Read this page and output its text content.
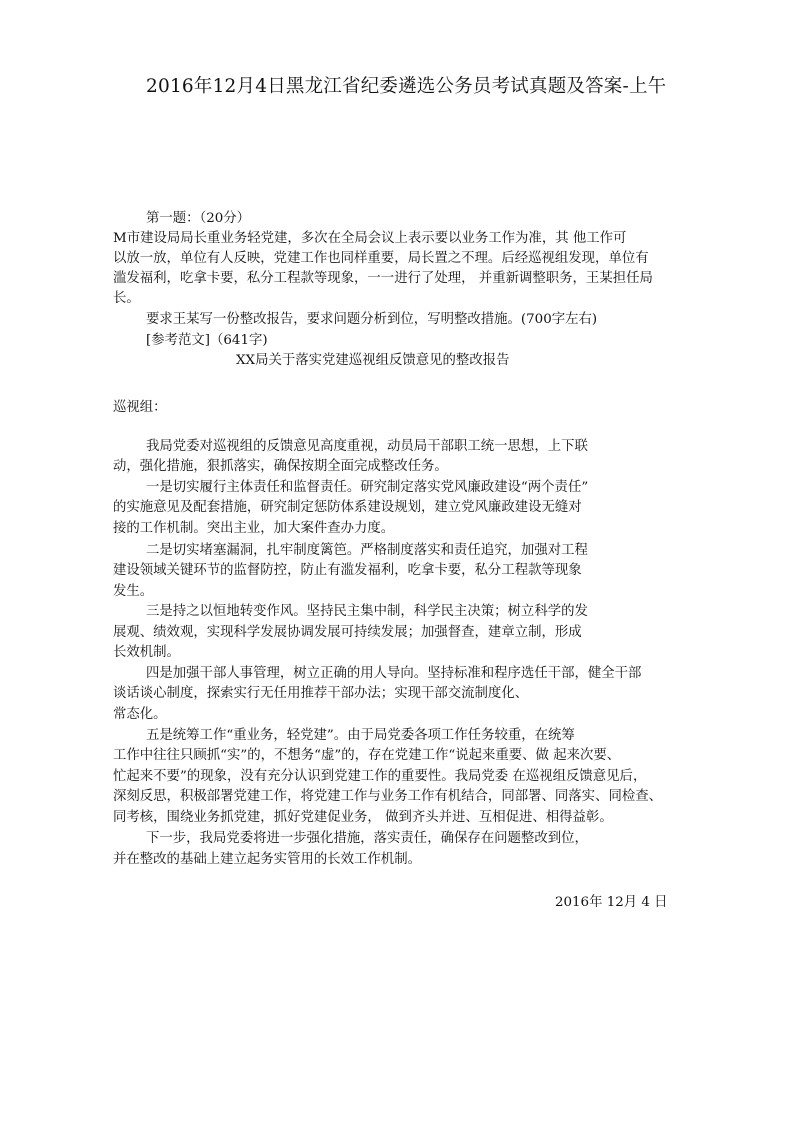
2016年12月4日黑龙江省纪委遴选公务员考试真题及答案-上午
第一题：（20分）
M市建设局局长重业务轻党建，多次在全局会议上表示要以业务工作为准，其 他工作可
以放一放，单位有人反映，党建工作也同样重要，局长置之不理。后经巡视组发现，单位有
滥发福利，吃拿卡要，私分工程款等现象，一一进行了处理， 并重新调整职务，王某担任局
长。
要求王某写一份整改报告，要求问题分析到位，写明整改措施。(700字左右)
[参考范文]（641字)
XX局关于落实党建巡视组反馈意见的整改报告
巡视组：
我局党委对巡视组的反馈意见高度重视，动员局干部职工统一思想，上下联
动，强化措施，狠抓落实，确保按期全面完成整改任务。
一是切实履行主体责任和监督责任。研究制定落实党风廉政建设“两个责任”
的实施意见及配套措施，研究制定惩防体系建设规划，建立党风廉政建设无缝对
接的工作机制。突出主业，加大案件查办力度。
二是切实堵塞漏洞，扎牢制度篱笆。严格制度落实和责任追究，加强对工程
建设领域关键环节的监督防控，防止有滥发福利，吃拿卡要，私分工程款等现象
发生。
三是持之以恒地转变作风。坚持民主集中制，科学民主决策；树立科学的发
展观、绩效观，实现科学发展协调发展可持续发展；加强督查，建章立制，形成
长效机制。
四是加强干部人事管理，树立正确的用人导向。坚持标准和程序选任干部，健全干部
谈话谈心制度，探索实行无任用推荐干部办法；实现干部交流制度化、
常态化。
五是统筹工作“重业务，轻党建”。由于局党委各项工作任务较重，在统筹
工作中往往只顾抓“实”的，不想务“虚”的，存在党建工作“说起来重要、做 起来次要、
忙起来不要”的现象，没有充分认识到党建工作的重要性。我局党委 在巡视组反馈意见后，
深刻反思，积极部署党建工作，将党建工作与业务工作有机结合，同部署、同落实、同检查、
同考核，围绕业务抓党建，抓好党建促业务， 做到齐头并进、互相促进、相得益彰。
下一步，我局党委将进一步强化措施，落实责任，确保存在问题整改到位，
并在整改的基础上建立起务实管用的长效工作机制。
2016年 12月 4 日
